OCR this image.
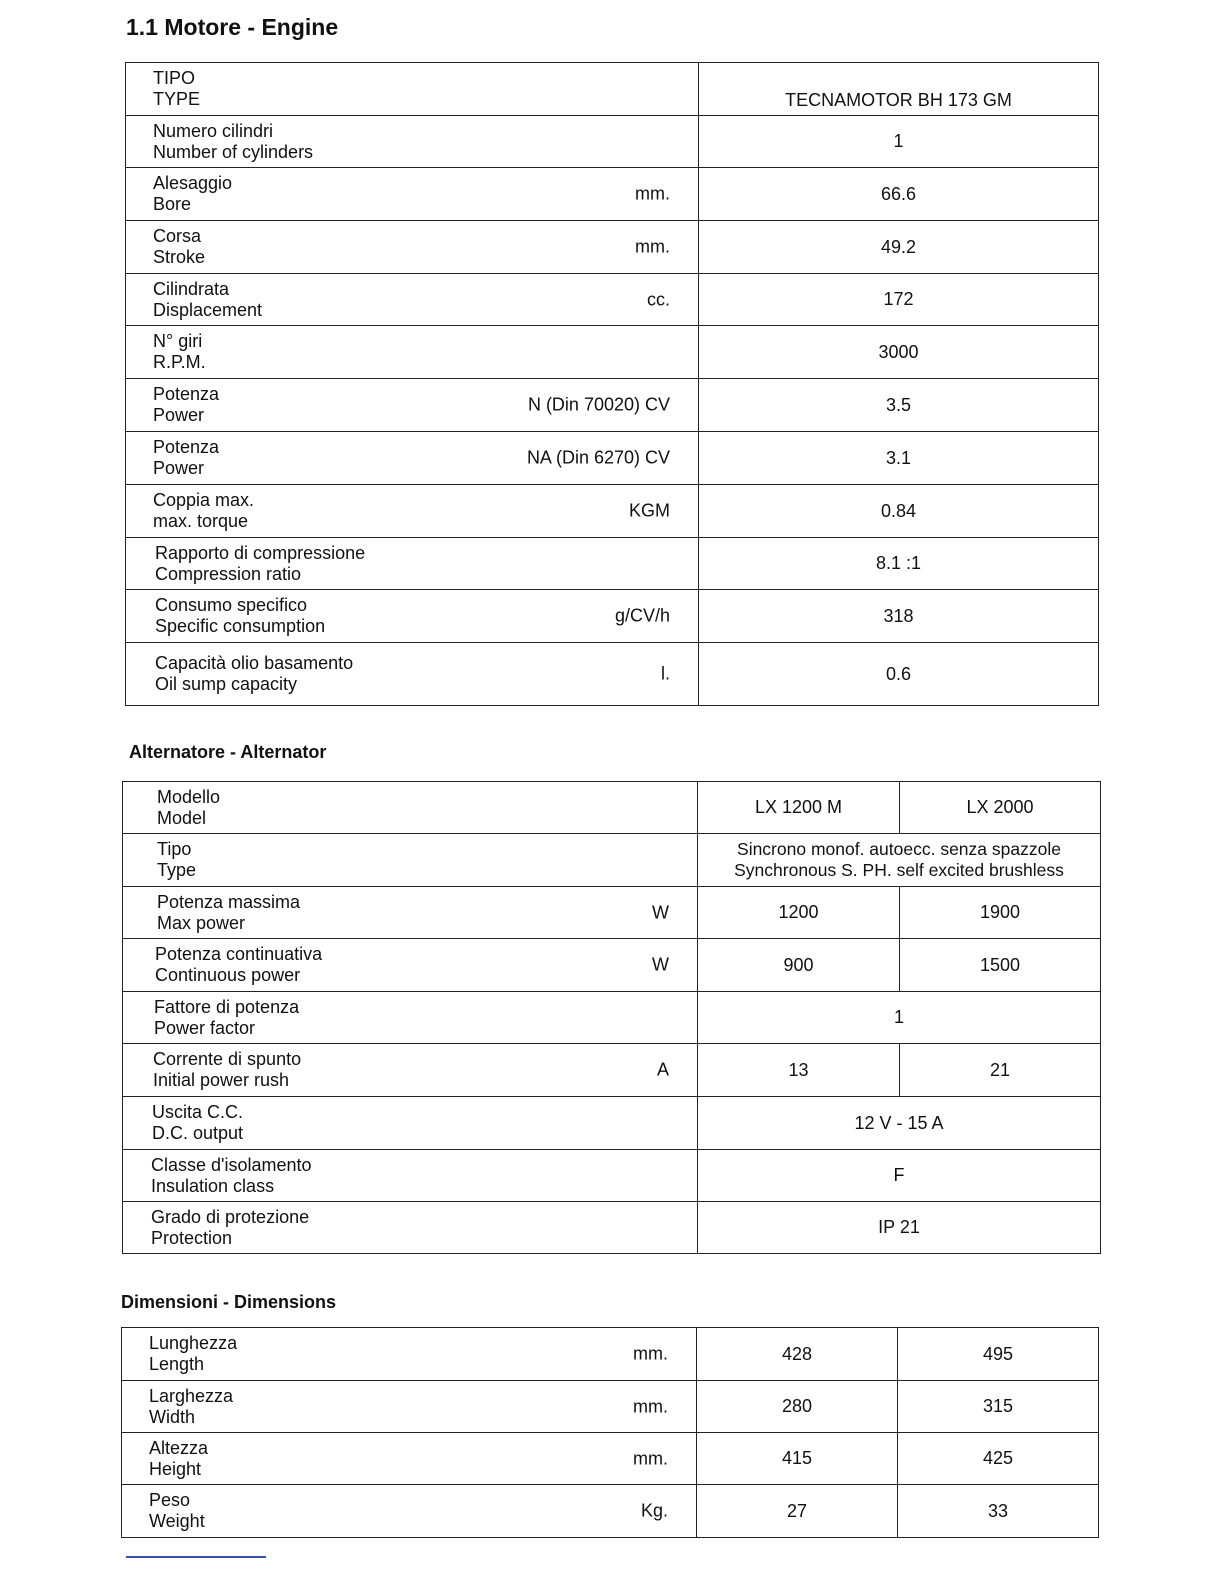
1.1 Motore - Engine
TIPO
TYPE	TECNAMOTOR BH 173 GM

Numero cilindri
Number of cylinders	1

Alesaggio
Bore
mm.	66.6

Corsa
Stroke
mm.	49.2

Cilindrata
Displacement
cc.	172

N° giri
R.P.M.	3000

Potenza
Power
N (Din 70020) CV	3.5

Potenza
Power
NA (Din 6270) CV	3.1

Coppia max.
max. torque
KGM	0.84

Rapporto di compressione
Compression ratio	8.1 :1

Consumo specifico
Specific consumption
g/CV/h	318

Capacità olio basamento
Oil sump capacity
l.	0.6
Alternatore - Alternator
Modello
Model	LX 1200 M	LX 2000

Tipo
Type	Sincrono monof. autoecc. senza spazzole
Synchronous S. PH. self excited brushless	

Potenza massima
Max power
W	1200	1900

Potenza continuativa
Continuous power
W	900	1500

Fattore di potenza
Power factor	1	

Corrente di spunto
Initial power rush
A	13	21

Uscita C.C.
D.C. output	12 V - 15 A	

Classe d'isolamento
Insulation class	F	

Grado di protezione
Protection	IP 21	
Dimensioni - Dimensions
Lunghezza
Length
mm.	428	495

Larghezza
Width
mm.	280	315

Altezza
Height
mm.	415	425

Peso
Weight
Kg.	27	33
